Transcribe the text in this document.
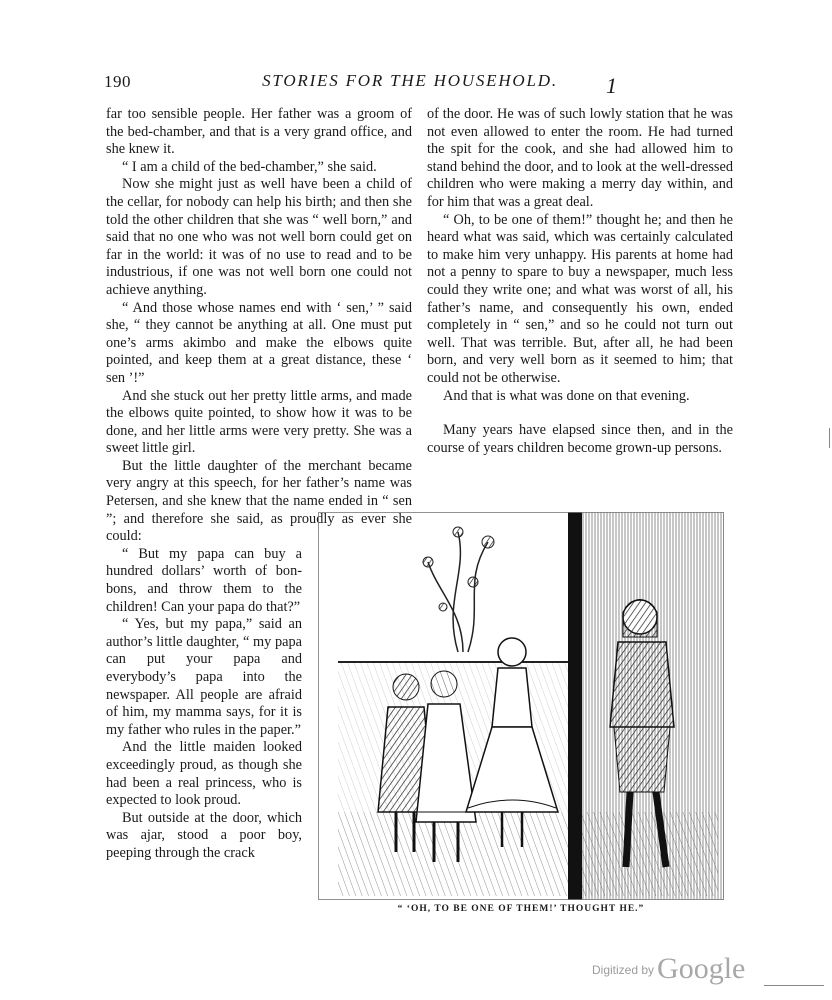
190	STORIES FOR THE HOUSEHOLD.	1

far too sensible people. Her father was a groom of the bed-chamber, and that is a very grand office, and she knew it.

“ I am a child of the bed-chamber,” she said.

Now she might just as well have been a child of the cellar, for nobody can help his birth; and then she told the other children that she was “ well born,” and said that no one who was not well born could get on far in the world: it was of no use to read and to be industrious, if one was not well born one could not achieve anything.

“ And those whose names end with ‘ sen,’ ” said she, “ they cannot be anything at all. One must put one’s arms akimbo and make the elbows quite pointed, and keep them at a great distance, these ‘ sen ’!”

And she stuck out her pretty little arms, and made the elbows quite pointed, to show how it was to be done, and her little arms were very pretty. She was a sweet little girl.

But the little daughter of the merchant became very angry at this speech, for her father’s name was Petersen, and she knew that the name ended in “ sen ”; and therefore she said, as proudly as ever she could:

“ But my papa can buy a hundred dollars’ worth of bon-bons, and throw them to the children! Can your papa do that?”

“ Yes, but my papa,” said an author’s little daughter, “ my papa can put your papa and everybody’s papa into the newspaper. All people are afraid of him, my mamma says, for it is my father who rules in the paper.”

And the little maiden looked exceedingly proud, as though she had been a real princess, who is expected to look proud.

But outside at the door, which was ajar, stood a poor boy, peeping through the crack

of the door. He was of such lowly station that he was not even allowed to enter the room. He had turned the spit for the cook, and she had allowed him to stand behind the door, and to look at the well-dressed children who were making a merry day within, and for him that was a great deal.

“ Oh, to be one of them!” thought he; and then he heard what was said, which was certainly calculated to make him very unhappy. His parents at home had not a penny to spare to buy a newspaper, much less could they write one; and what was worst of all, his father’s name, and consequently his own, ended completely in “ sen,” and so he could not turn out well. That was terrible. But, after all, he had been born, and very well born as it seemed to him; that could not be otherwise.

And that is what was done on that evening.

Many years have elapsed since then, and in the course of years children become grown-up persons.

“ ‘OH, TO BE ONE OF THEM!’ THOUGHT HE.”
$^{Digitized by}$ Google
